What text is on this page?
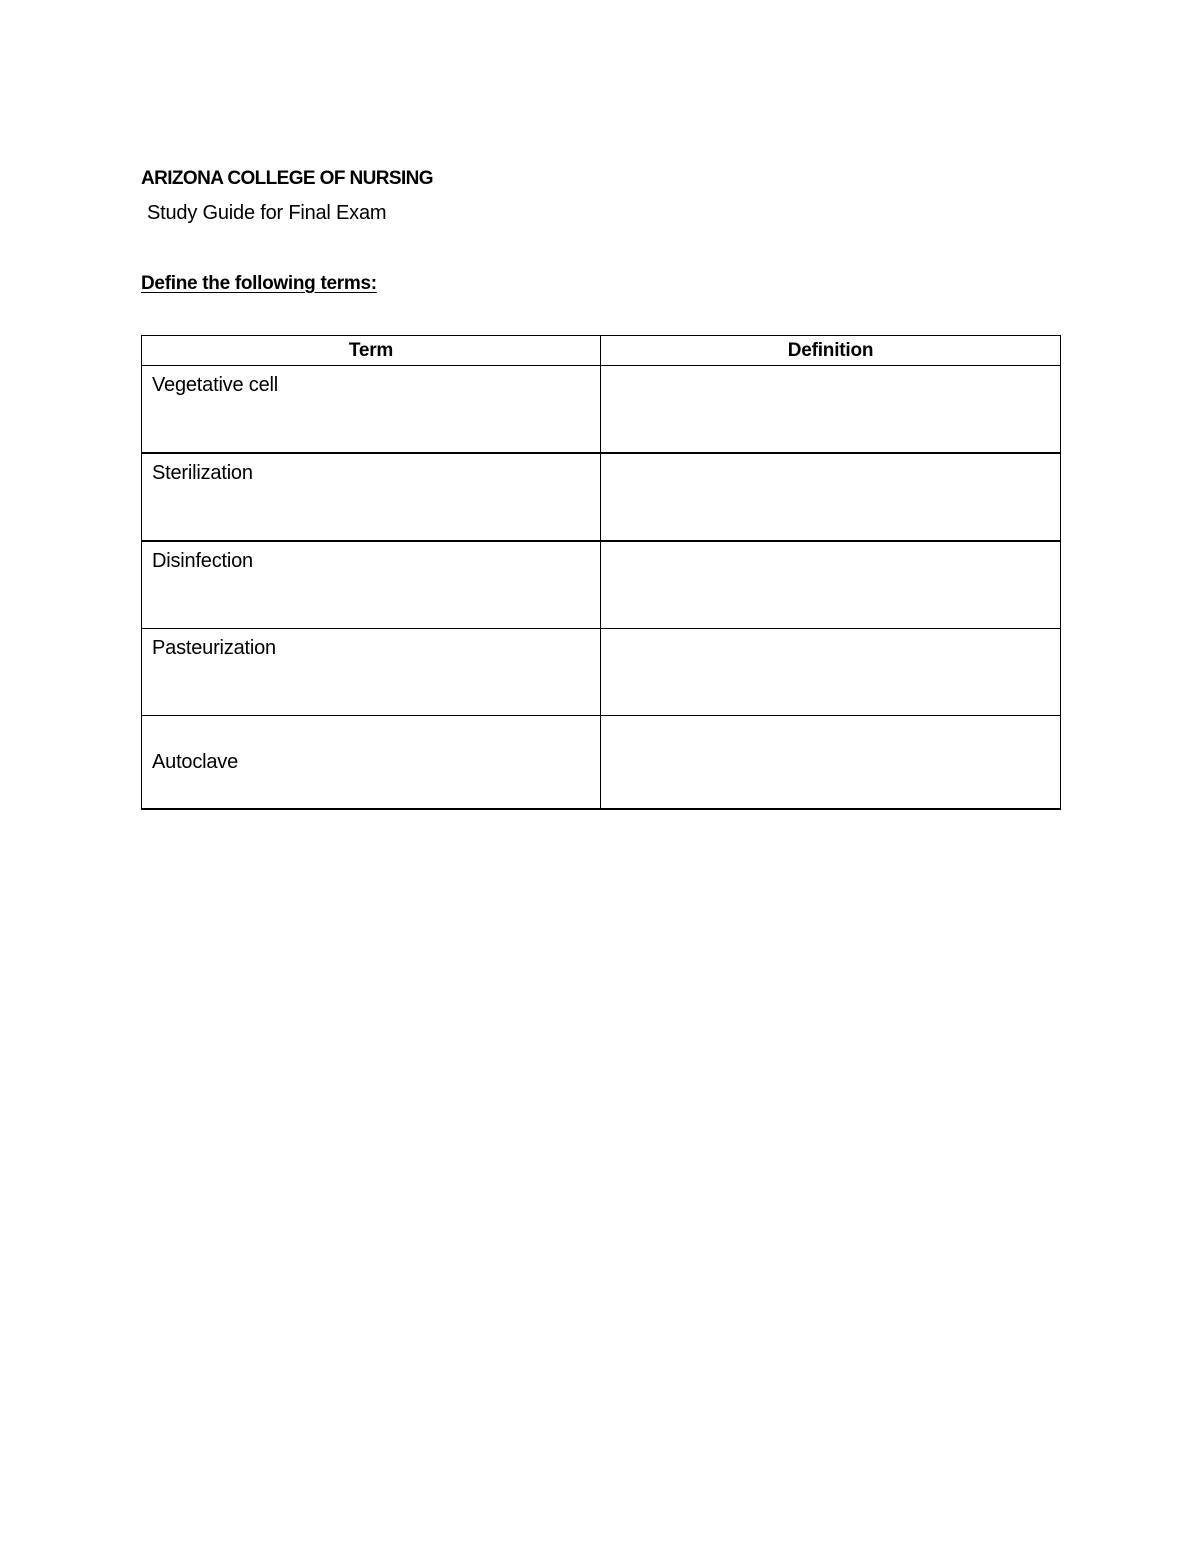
ARIZONA COLLEGE OF NURSING
Study Guide for Final Exam
Define the following terms:
Term	Definition

Vegetative cell	

Sterilization	

Disinfection	

Pasteurization	

Autoclave	
